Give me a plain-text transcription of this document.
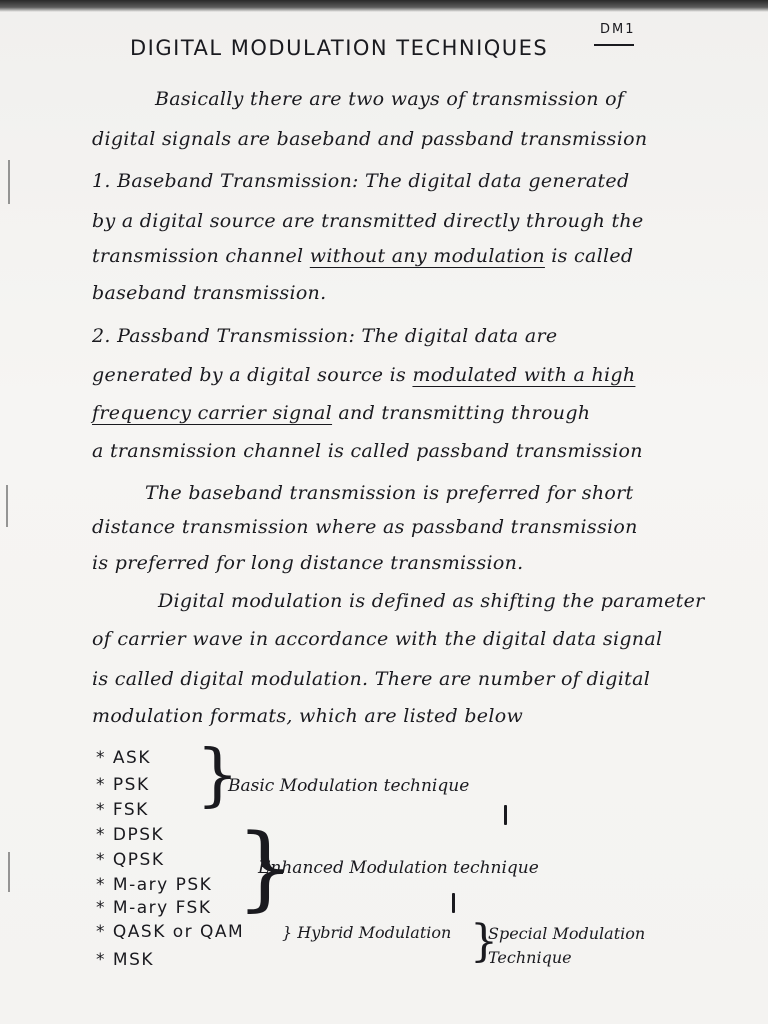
DM1
DIGITAL MODULATION TECHNIQUES
Basically there are two ways of transmission of
digital signals are baseband and passband transmission
1. Baseband Transmission: The digital data generated
by a digital source are transmitted directly through the
transmission channel without any modulation is called
baseband transmission.
2. Passband Transmission: The digital data are
generated by a digital source is modulated with a high
frequency carrier signal and transmitting through
a transmission channel is called passband transmission
The baseband transmission is preferred for short
distance transmission where as passband transmission
is preferred for long distance transmission.
Digital modulation is defined as shifting the parameter
of carrier wave in accordance with the digital data signal
is called digital modulation. There are number of digital
modulation formats, which are listed below
* ASK
* PSK
* FSK }
Basic Modulation technique
* DPSK
* QPSK
* M-ary PSK
* M-ary FSK }
Enhanced Modulation technique
* QASK or QAM } Hybrid Modulation
* MSK	}
Special Modulation Technique
